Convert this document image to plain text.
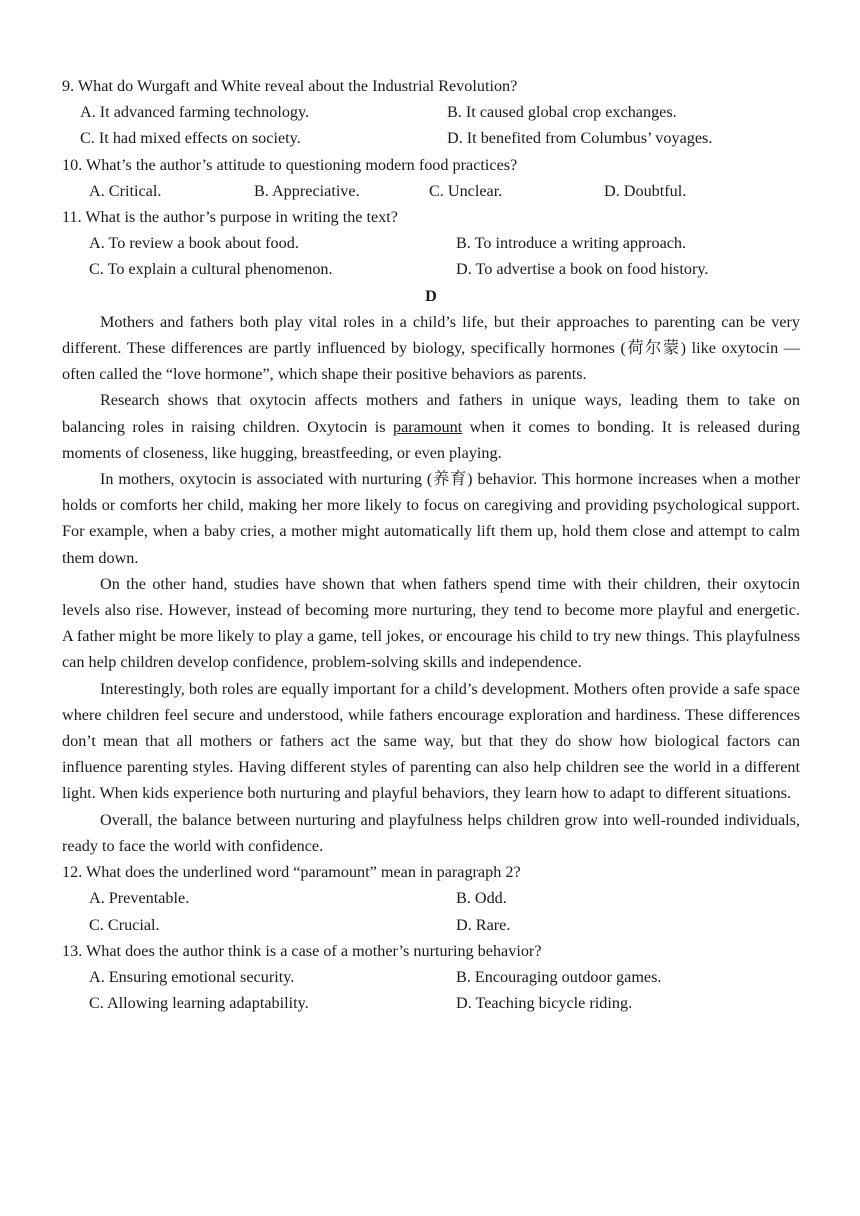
9. What do Wurgaft and White reveal about the Industrial Revolution?

A. It advanced farming technology.	B. It caused global crop exchanges.
C. It had mixed effects on society.	D. It benefited from Columbus’ voyages.

10. What’s the author’s attitude to questioning modern food practices?

A. Critical.	B. Appreciative.	C. Unclear.	D. Doubtful.

11. What is the author’s purpose in writing the text?

A. To review a book about food.	B. To introduce a writing approach.
C. To explain a cultural phenomenon.	D. To advertise a book on food history.

D

Mothers and fathers both play vital roles in a child’s life, but their approaches to parenting can be very different. These differences are partly influenced by biology, specifically hormones (荷尔蒙) like oxytocin — often called the “love hormone”, which shape their positive behaviors as parents.

Research shows that oxytocin affects mothers and fathers in unique ways, leading them to take on balancing roles in raising children. Oxytocin is paramount when it comes to bonding. It is released during moments of closeness, like hugging, breastfeeding, or even playing.

In mothers, oxytocin is associated with nurturing (养育) behavior. This hormone increases when a mother holds or comforts her child, making her more likely to focus on caregiving and providing psychological support. For example, when a baby cries, a mother might automatically lift them up, hold them close and attempt to calm them down.

On the other hand, studies have shown that when fathers spend time with their children, their oxytocin levels also rise. However, instead of becoming more nurturing, they tend to become more playful and energetic. A father might be more likely to play a game, tell jokes, or encourage his child to try new things. This playfulness can help children develop confidence, problem-solving skills and independence.

Interestingly, both roles are equally important for a child’s development. Mothers often provide a safe space where children feel secure and understood, while fathers encourage exploration and hardiness. These differences don’t mean that all mothers or fathers act the same way, but that they do show how biological factors can influence parenting styles. Having different styles of parenting can also help children see the world in a different light. When kids experience both nurturing and playful behaviors, they learn how to adapt to different situations.

Overall, the balance between nurturing and playfulness helps children grow into well-rounded individuals, ready to face the world with confidence.

12. What does the underlined word “paramount” mean in paragraph 2?

A. Preventable.	B. Odd.
C. Crucial.	D. Rare.

13. What does the author think is a case of a mother’s nurturing behavior?

A. Ensuring emotional security.	B. Encouraging outdoor games.
C. Allowing learning adaptability.	D. Teaching bicycle riding.
